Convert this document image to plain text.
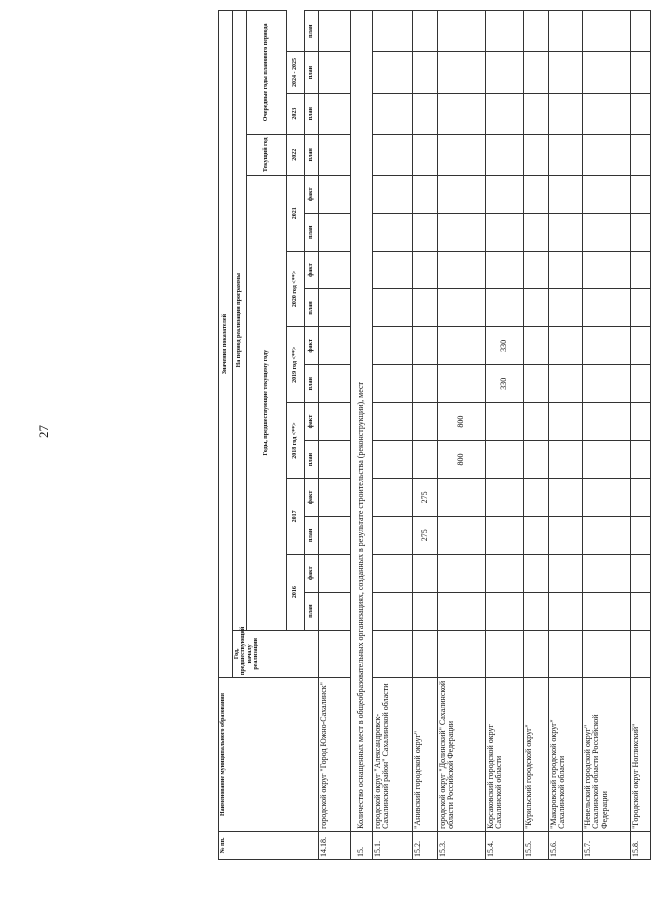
27
№ пп.	Наименование муниципального образования	Значения показателей																
		Год, предшествующий началу реализации	На период реализации программы															
			Годы, предшествующие текущему году												Текущий год	Очередные годы планового периода		
			2016		2017		2018 год <**>		2019 год <**>		2020 год <**>		2021		2022	2023	2024 - 2025	
			план	факт	план	факт	план	факт	план	факт	план	факт	план	факт	план	план	план	план
14.18.	городской округ "Город Южно-Сахалинск"																	
15.	Количество оснащенных мест в общеобразовательных организациях, созданных в результате строительства (реконструкции), мест																	
15.1.	городской округ "Александровск-Сахалинский район" Сахалинской области																	
15.2.	"Анивский городской округ"				275	275												
15.3.	городской округ "Долинский" Сахалинской области Российской Федерации						800	800										
15.4.	Корсаковский городской округ Сахалинской области								330	330								
15.5.	"Курильский городской округ"																	
15.6.	"Макаровский городской округ" Сахалинской области																	
15.7.	"Невельский городской округ" Сахалинской области Российской Федерации																	
15.8.	"Городской округ Ногликский"																	
